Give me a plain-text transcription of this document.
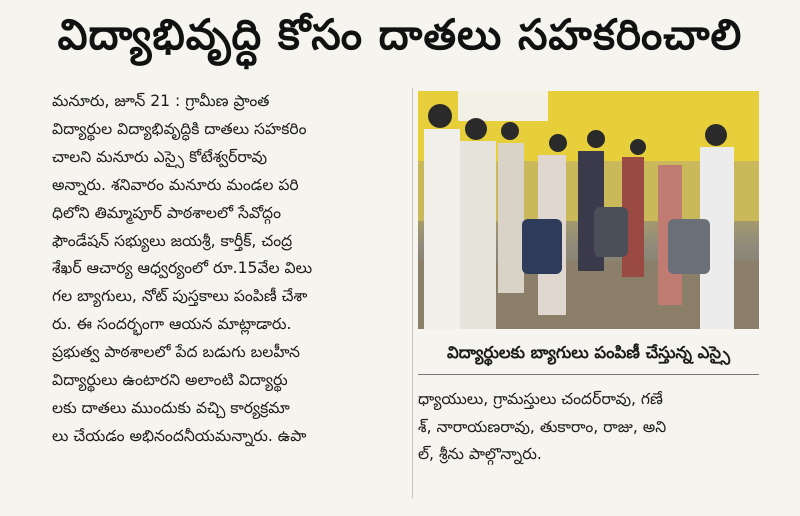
విద్యాభివృద్ధి కోసం దాతలు సహకరించాలి
మనూరు, జూన్ 21 : గ్రామీణ ప్రాంత
విద్యార్థుల విద్యాభివృద్ధికి దాతలు సహకరిం
చాలని మనూరు ఎస్సై కోటేశ్వర్‌రావు
అన్నారు. శనివారం మనూరు మండల పరి
ధిలోని తిమ్మాపూర్ పాఠశాలలో సేవోద్గం
ఫౌండేషన్ సభ్యులు జయశ్రీ, కార్తీక్, చంద్ర
శేఖర్ ఆచార్య ఆధ్వర్యంలో రూ.15వేల విలు
గల బ్యాగులు, నోట్ పుస్తకాలు పంపిణీ చేశా
రు. ఈ సందర్భంగా ఆయన మాట్లాడారు.
ప్రభుత్వ పాఠశాలలో పేద బడుగు బలహీన
విద్యార్థులు ఉంటారని అలాంటి విద్యార్థు
లకు దాతలు ముందుకు వచ్చి కార్యక్రమా
లు చేయడం అభినందనీయమన్నారు. ఉపా
విద్యార్థులకు బ్యాగులు పంపిణీ చేస్తున్న ఎస్సై
ధ్యాయులు, గ్రామస్తులు చందర్‌రావు, గణే
శ్, నారాయణరావు, తుకారాం, రాజు, అని
ల్, శ్రీను పాల్గొన్నారు.
